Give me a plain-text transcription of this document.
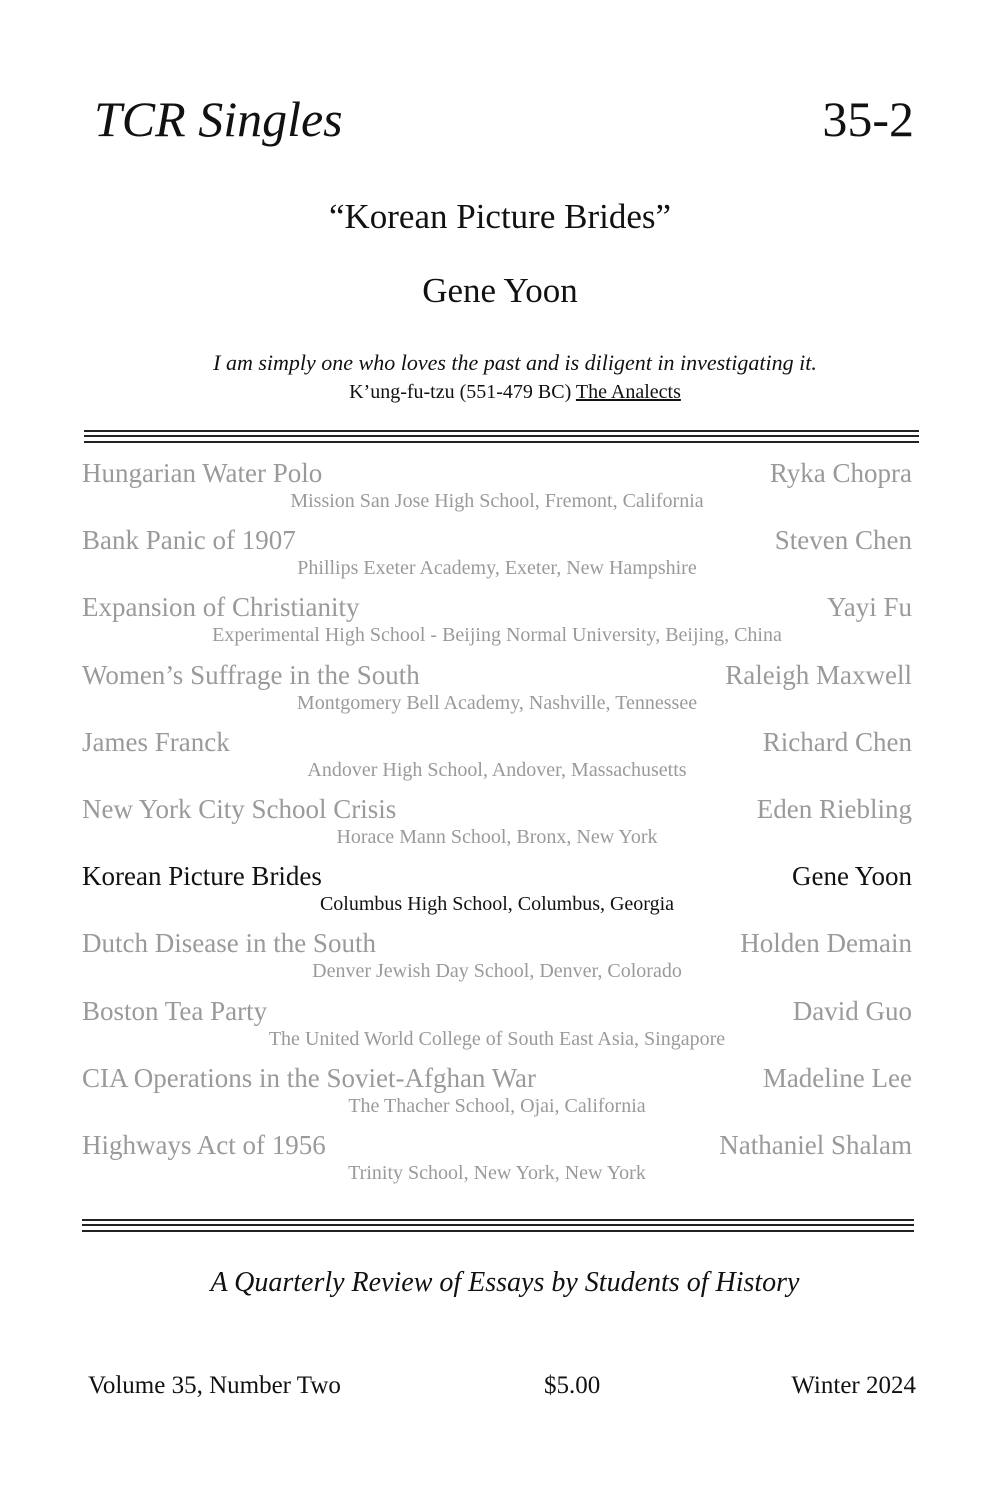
TCR Singles	35-2
“Korean Picture Brides”
Gene Yoon
I am simply one who loves the past and is diligent in investigating it.
K’ung-fu-tzu (551-479 BC) The Analects
Hungarian Water Polo	Ryka Chopra
Mission San Jose High School, Fremont, California
Bank Panic of 1907	Steven Chen
Phillips Exeter Academy, Exeter, New Hampshire
Expansion of Christianity	Yayi Fu
Experimental High School - Beijing Normal University, Beijing, China
Women’s Suffrage in the South	Raleigh Maxwell
Montgomery Bell Academy, Nashville, Tennessee
James Franck	Richard Chen
Andover High School, Andover, Massachusetts
New York City School Crisis	Eden Riebling
Horace Mann School, Bronx, New York
Korean Picture Brides	Gene Yoon
Columbus High School, Columbus, Georgia
Dutch Disease in the South	Holden Demain
Denver Jewish Day School, Denver, Colorado
Boston Tea Party	David Guo
The United World College of South East Asia, Singapore
CIA Operations in the Soviet-Afghan War	Madeline Lee
The Thacher School, Ojai, California
Highways Act of 1956	Nathaniel Shalam
Trinity School, New York, New York
A Quarterly Review of Essays by Students of History
Volume 35, Number Two	$5.00	Winter 2024
